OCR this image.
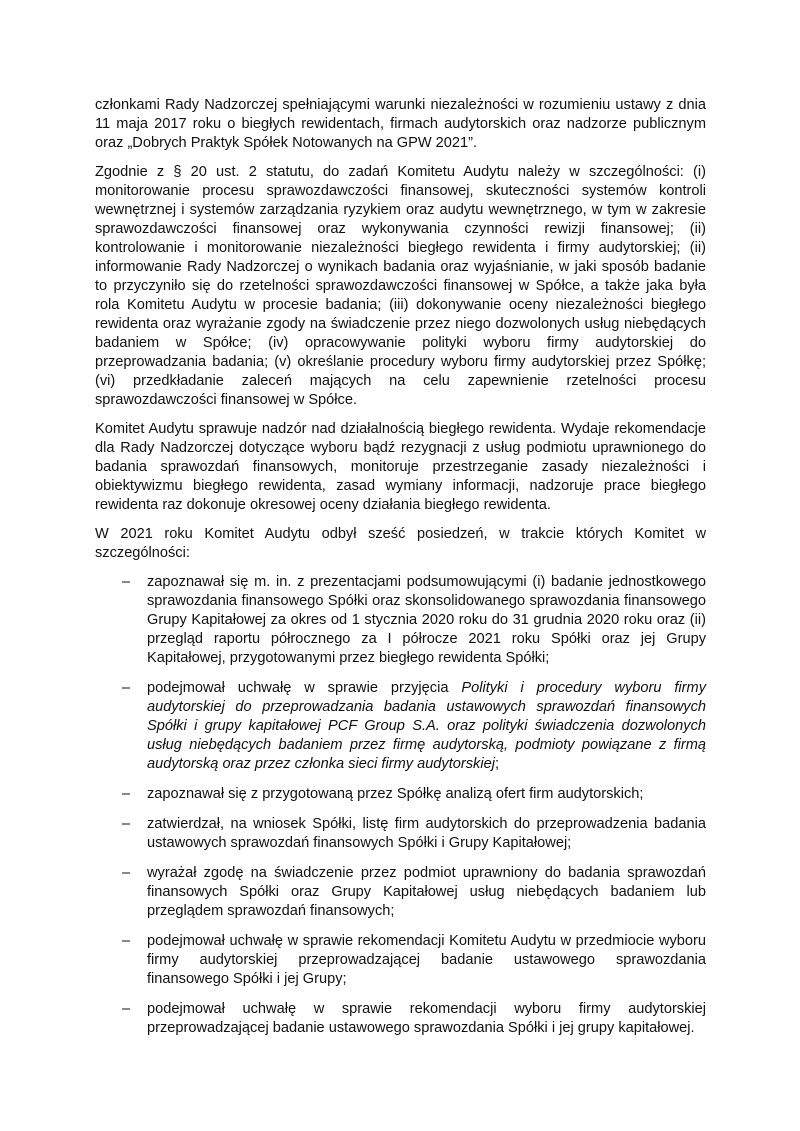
członkami Rady Nadzorczej spełniającymi warunki niezależności w rozumieniu ustawy z dnia 11 maja 2017 roku o biegłych rewidentach, firmach audytorskich oraz nadzorze publicznym oraz „Dobrych Praktyk Spółek Notowanych na GPW 2021”.

Zgodnie z § 20 ust. 2 statutu, do zadań Komitetu Audytu należy w szczególności: (i) monitorowanie procesu sprawozdawczości finansowej, skuteczności systemów kontroli wewnętrznej i systemów zarządzania ryzykiem oraz audytu wewnętrznego, w tym w zakresie sprawozdawczości finansowej oraz wykonywania czynności rewizji finansowej; (ii) kontrolowanie i monitorowanie niezależności biegłego rewidenta i firmy audytorskiej; (ii) informowanie Rady Nadzorczej o wynikach badania oraz wyjaśnianie, w jaki sposób badanie to przyczyniło się do rzetelności sprawozdawczości finansowej w Spółce, a także jaka była rola Komitetu Audytu w procesie badania; (iii) dokonywanie oceny niezależności biegłego rewidenta oraz wyrażanie zgody na świadczenie przez niego dozwolonych usług niebędących badaniem w Spółce; (iv) opracowywanie polityki wyboru firmy audytorskiej do przeprowadzania badania; (v) określanie procedury wyboru firmy audytorskiej przez Spółkę; (vi) przedkładanie zaleceń mających na celu zapewnienie rzetelności procesu sprawozdawczości finansowej w Spółce.

Komitet Audytu sprawuje nadzór nad działalnością biegłego rewidenta. Wydaje rekomendacje dla Rady Nadzorczej dotyczące wyboru bądź rezygnacji z usług podmiotu uprawnionego do badania sprawozdań finansowych, monitoruje przestrzeganie zasady niezależności i obiektywizmu biegłego rewidenta, zasad wymiany informacji, nadzoruje prace biegłego rewidenta raz dokonuje okresowej oceny działania biegłego rewidenta.

W 2021 roku Komitet Audytu odbył sześć posiedzeń, w trakcie których Komitet w szczególności:

–	zapoznawał się m. in. z prezentacjami podsumowującymi (i) badanie jednostkowego sprawozdania finansowego Spółki oraz skonsolidowanego sprawozdania finansowego Grupy Kapitałowej za okres od 1 stycznia 2020 roku do 31 grudnia 2020 roku oraz (ii) przegląd raportu półrocznego za I półrocze 2021 roku Spółki oraz jej Grupy Kapitałowej, przygotowanymi przez biegłego rewidenta Spółki;
–	podejmował uchwałę w sprawie przyjęcia Polityki i procedury wyboru firmy audytorskiej do przeprowadzania badania ustawowych sprawozdań finansowych Spółki i grupy kapitałowej PCF Group S.A. oraz polityki świadczenia dozwolonych usług niebędących badaniem przez firmę audytorską, podmioty powiązane z firmą audytorską oraz przez członka sieci firmy audytorskiej;
–	zapoznawał się z przygotowaną przez Spółkę analizą ofert firm audytorskich;
–	zatwierdzał, na wniosek Spółki, listę firm audytorskich do przeprowadzenia badania ustawowych sprawozdań finansowych Spółki i Grupy Kapitałowej;
–	wyrażał zgodę na świadczenie przez podmiot uprawniony do badania sprawozdań finansowych Spółki oraz Grupy Kapitałowej usług niebędących badaniem lub przeglądem sprawozdań finansowych;
–	podejmował uchwałę w sprawie rekomendacji Komitetu Audytu w przedmiocie wyboru firmy audytorskiej przeprowadzającej badanie ustawowego sprawozdania finansowego Spółki i jej Grupy;
–	podejmował uchwałę w sprawie rekomendacji wyboru firmy audytorskiej przeprowadzającej badanie ustawowego sprawozdania Spółki i jej grupy kapitałowej.
